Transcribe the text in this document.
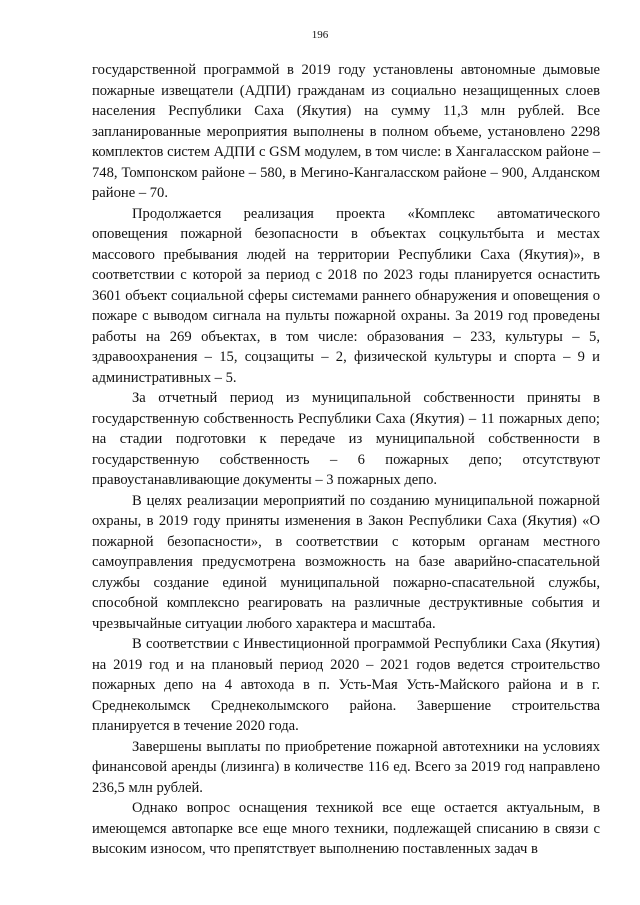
196

государственной программой в 2019 году установлены автономные дымовые пожарные извещатели (АДПИ) гражданам из социально незащищенных слоев населения Республики Саха (Якутия) на сумму 11,3 млн рублей. Все запланированные мероприятия выполнены в полном объеме, установлено 2298 комплектов систем АДПИ с GSM модулем, в том числе: в Хангаласском районе – 748, Томпонском районе – 580, в Мегино-Кангаласском районе – 900, Алданском районе – 70.

Продолжается реализация проекта «Комплекс автоматического оповещения пожарной безопасности в объектах соцкультбыта и местах массового пребывания людей на территории Республики Саха (Якутия)», в соответствии с которой за период с 2018 по 2023 годы планируется оснастить 3601 объект социальной сферы системами раннего обнаружения и оповещения о пожаре с выводом сигнала на пульты пожарной охраны. За 2019 год проведены работы на 269 объектах, в том числе: образования – 233, культуры – 5, здравоохранения – 15, соцзащиты – 2, физической культуры и спорта – 9 и административных – 5.

За отчетный период из муниципальной собственности приняты в государственную собственность Республики Саха (Якутия) – 11 пожарных депо; на стадии подготовки к передаче из муниципальной собственности в государственную собственность – 6 пожарных депо; отсутствуют правоустанавливающие документы – 3 пожарных депо.

В целях реализации мероприятий по созданию муниципальной пожарной охраны, в 2019 году приняты изменения в Закон Республики Саха (Якутия) «О пожарной безопасности», в соответствии с которым органам местного самоуправления предусмотрена возможность на базе аварийно-спасательной службы создание единой муниципальной пожарно-спасательной службы, способной комплексно реагировать на различные деструктивные события и чрезвычайные ситуации любого характера и масштаба.

В соответствии с Инвестиционной программой Республики Саха (Якутия) на 2019 год и на плановый период 2020 – 2021 годов ведется строительство пожарных депо на 4 автохода в п. Усть-Мая Усть-Майского района и в г. Среднеколымск Среднеколымского района. Завершение строительства планируется в течение 2020 года.

Завершены выплаты по приобретение пожарной автотехники на условиях финансовой аренды (лизинга) в количестве 116 ед. Всего за 2019 год направлено 236,5 млн рублей.

Однако вопрос оснащения техникой все еще остается актуальным, в имеющемся автопарке все еще много техники, подлежащей списанию в связи с высоким износом, что препятствует выполнению поставленных задач в
